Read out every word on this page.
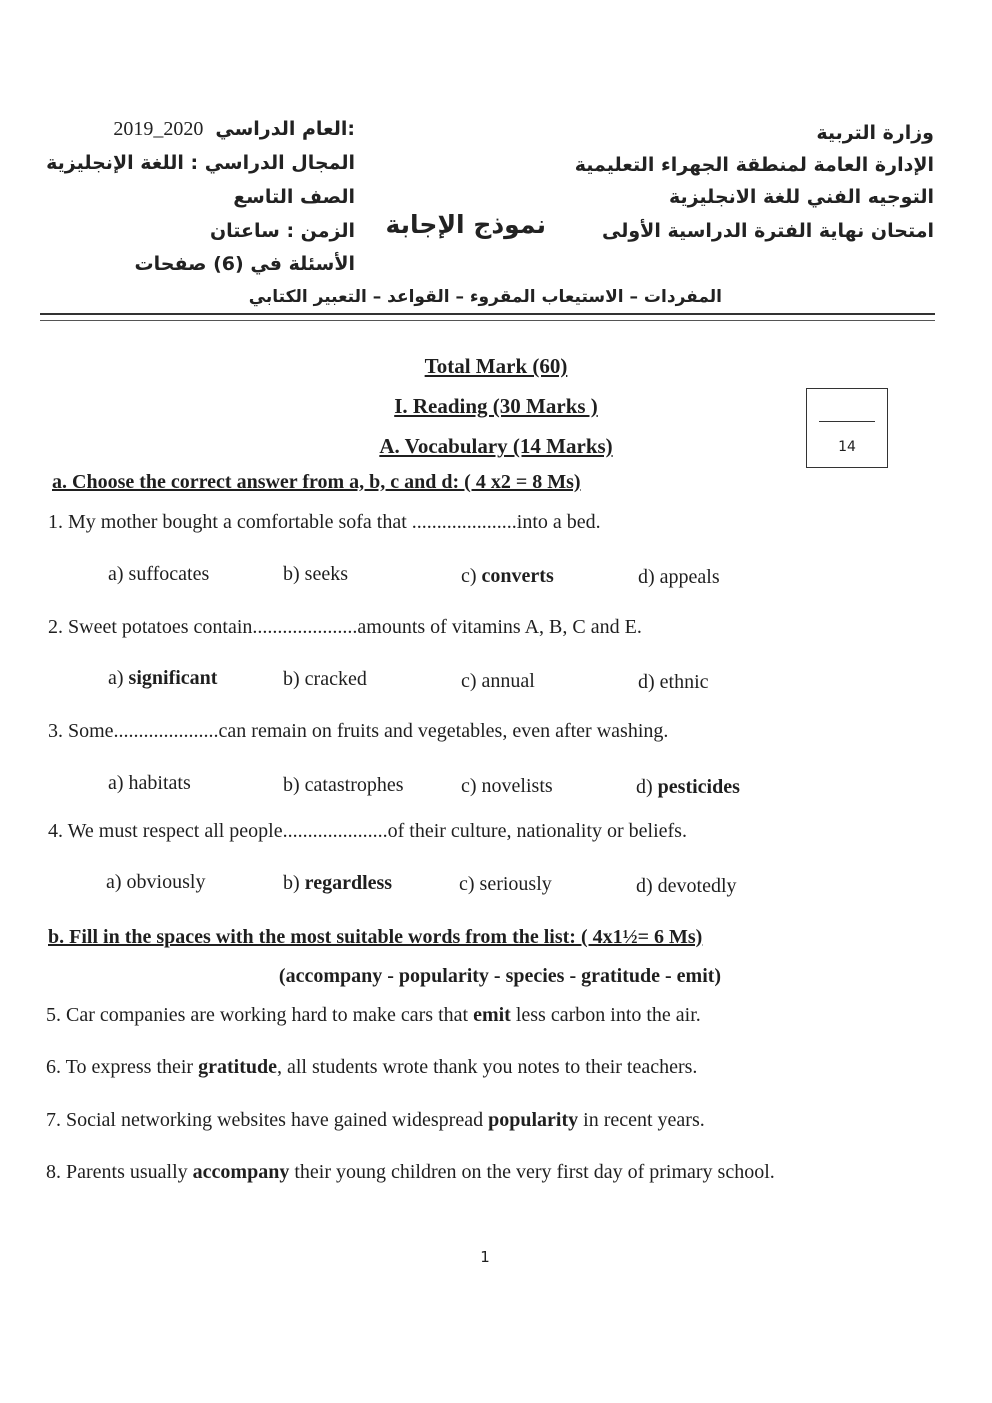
وزارة التربية
الإدارة العامة لمنطقة الجهراء التعليمية
التوجيه الفني للغة الانجليزية
امتحان نهاية الفترة الدراسية الأولى
2019_2020 العام الدراسي:
المجال الدراسي : اللغة الإنجليزية
الصف التاسع
الزمن : ساعتان
الأسئلة في (6) صفحات
نموذج الإجابة
المفردات – الاستيعاب المقروء – القواعد – التعبير الكتابي
Total Mark (60)
I. Reading (30 Marks )
A. Vocabulary (14 Marks)	14
a. Choose the correct answer from a, b, c and d: ( 4 x2 = 8 Ms)
1. My mother bought a comfortable sofa that .....................into a bed.
a) suffocates	b) seeks	c) converts	d) appeals
2. Sweet potatoes contain.....................amounts of vitamins A, B, C and E.
a) significant	b) cracked	c) annual	d) ethnic
3. Some.....................can remain on fruits and vegetables, even after washing.
a) habitats	b) catastrophes	c) novelists	d) pesticides
4. We must respect all people.....................of their culture, nationality or beliefs.
a) obviously	b) regardless	c) seriously	d) devotedly
b. Fill in the spaces with the most suitable words from the list: ( 4x1½= 6 Ms)
(accompany - popularity - species - gratitude - emit)
5. Car companies are working hard to make cars that emit less carbon into the air.
6. To express their gratitude, all students wrote thank you notes to their teachers.
7. Social networking websites have gained widespread popularity in recent years.
8. Parents usually accompany their young children on the very first day of primary school.
1
